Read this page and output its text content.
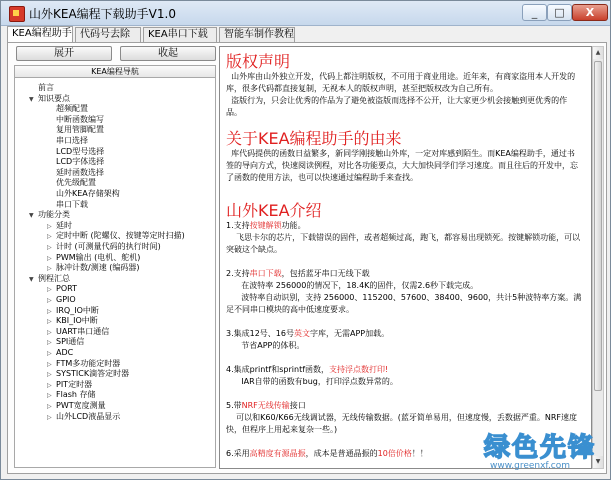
山外KEA编程下载助手V1.0	_	□	X
KEA编程助手 代码号去除	KEA串口下载	智能车制作教程
展开	收起
KEA编程导航
前言
▼ 知识要点
超频配置
中断函数编写
复用管脚配置
串口选择
LCD型号选择
LCD字体选择
延时函数选择
优先级配置
山外KEA存储架构
串口下载
▼ 功能分类
▷ 延时
▷ 定时中断 (陀螺仪、按键等定时扫描)
▷ 计时 (可测量代码的执行时间)
▷ PWM输出 (电机、舵机)
▷ 脉冲计数/测速 (编码器)
▼ 例程汇总
▷ PORT
▷ GPIO
▷ IRQ_IO中断
▷ KBI_IO中断
▷ UART串口通信
▷ SPI通信
▷ ADC
▷ FTM多功能定时器
▷ SYSTICK滴答定时器
▷ PIT定时器
▷ Flash 存储
▷ PWT宽度测量
▷ 山外LCD液晶显示
版权声明
山外库由山外独立开发，代码上都注明版权，不可用于商业用途。近年来，有商家盗用本人开发的库，很多代码都直接复制，无视本人的版权声明，甚至把版权改为自己所有。
盗版行为，只会让优秀的作品为了避免被盗版而选择不公开，让大家更少机会接触到更优秀的作品。
关于KEA编程助手的由来
库代码提供的函数日益繁多，新同学刚接触山外库，一定对库感到陌生。而KEA编程助手，通过书签的导向方式，快速阅读例程，对比各功能要点，大大加快同学们学习速度。而且往后的开发中，忘了函数的使用方法，也可以快速通过编程助手来查找。
山外KEA介绍
1.支持按键解锁功能。
飞思卡尔的芯片，下载错误的固件，或者超频过高，跑飞，都容易出现锁死。按键解锁功能，可以突破这个缺点。
2.支持串口下载，包括蓝牙串口无线下载
在波特率 256000的情况下，18.4K的固件，仅需2.6秒下载完成。
波特率自动识别，支持 256000、115200、57600、38400、9600，共计5种波特率方案。满足不同串口模块的高中低速度要求。
3.集成12号、16号英文字库，无需APP加载。
节省APP的体积。
4.集成printf和sprintf函数，支持浮点数打印!
IAR自带的函数有bug，打印浮点数异常的。
5.带NRF无线传输接口
可以和K60/K66无线调试器，无线传输数据。(蓝牙简单易用，但速度慢，丢数据严重。NRF速度快，但程序上用起来复杂一些。)
6.采用高精度有源晶振，成本是普通晶振的10倍价格！！
▲
▼
绿色先锋
www.greenxf.com
